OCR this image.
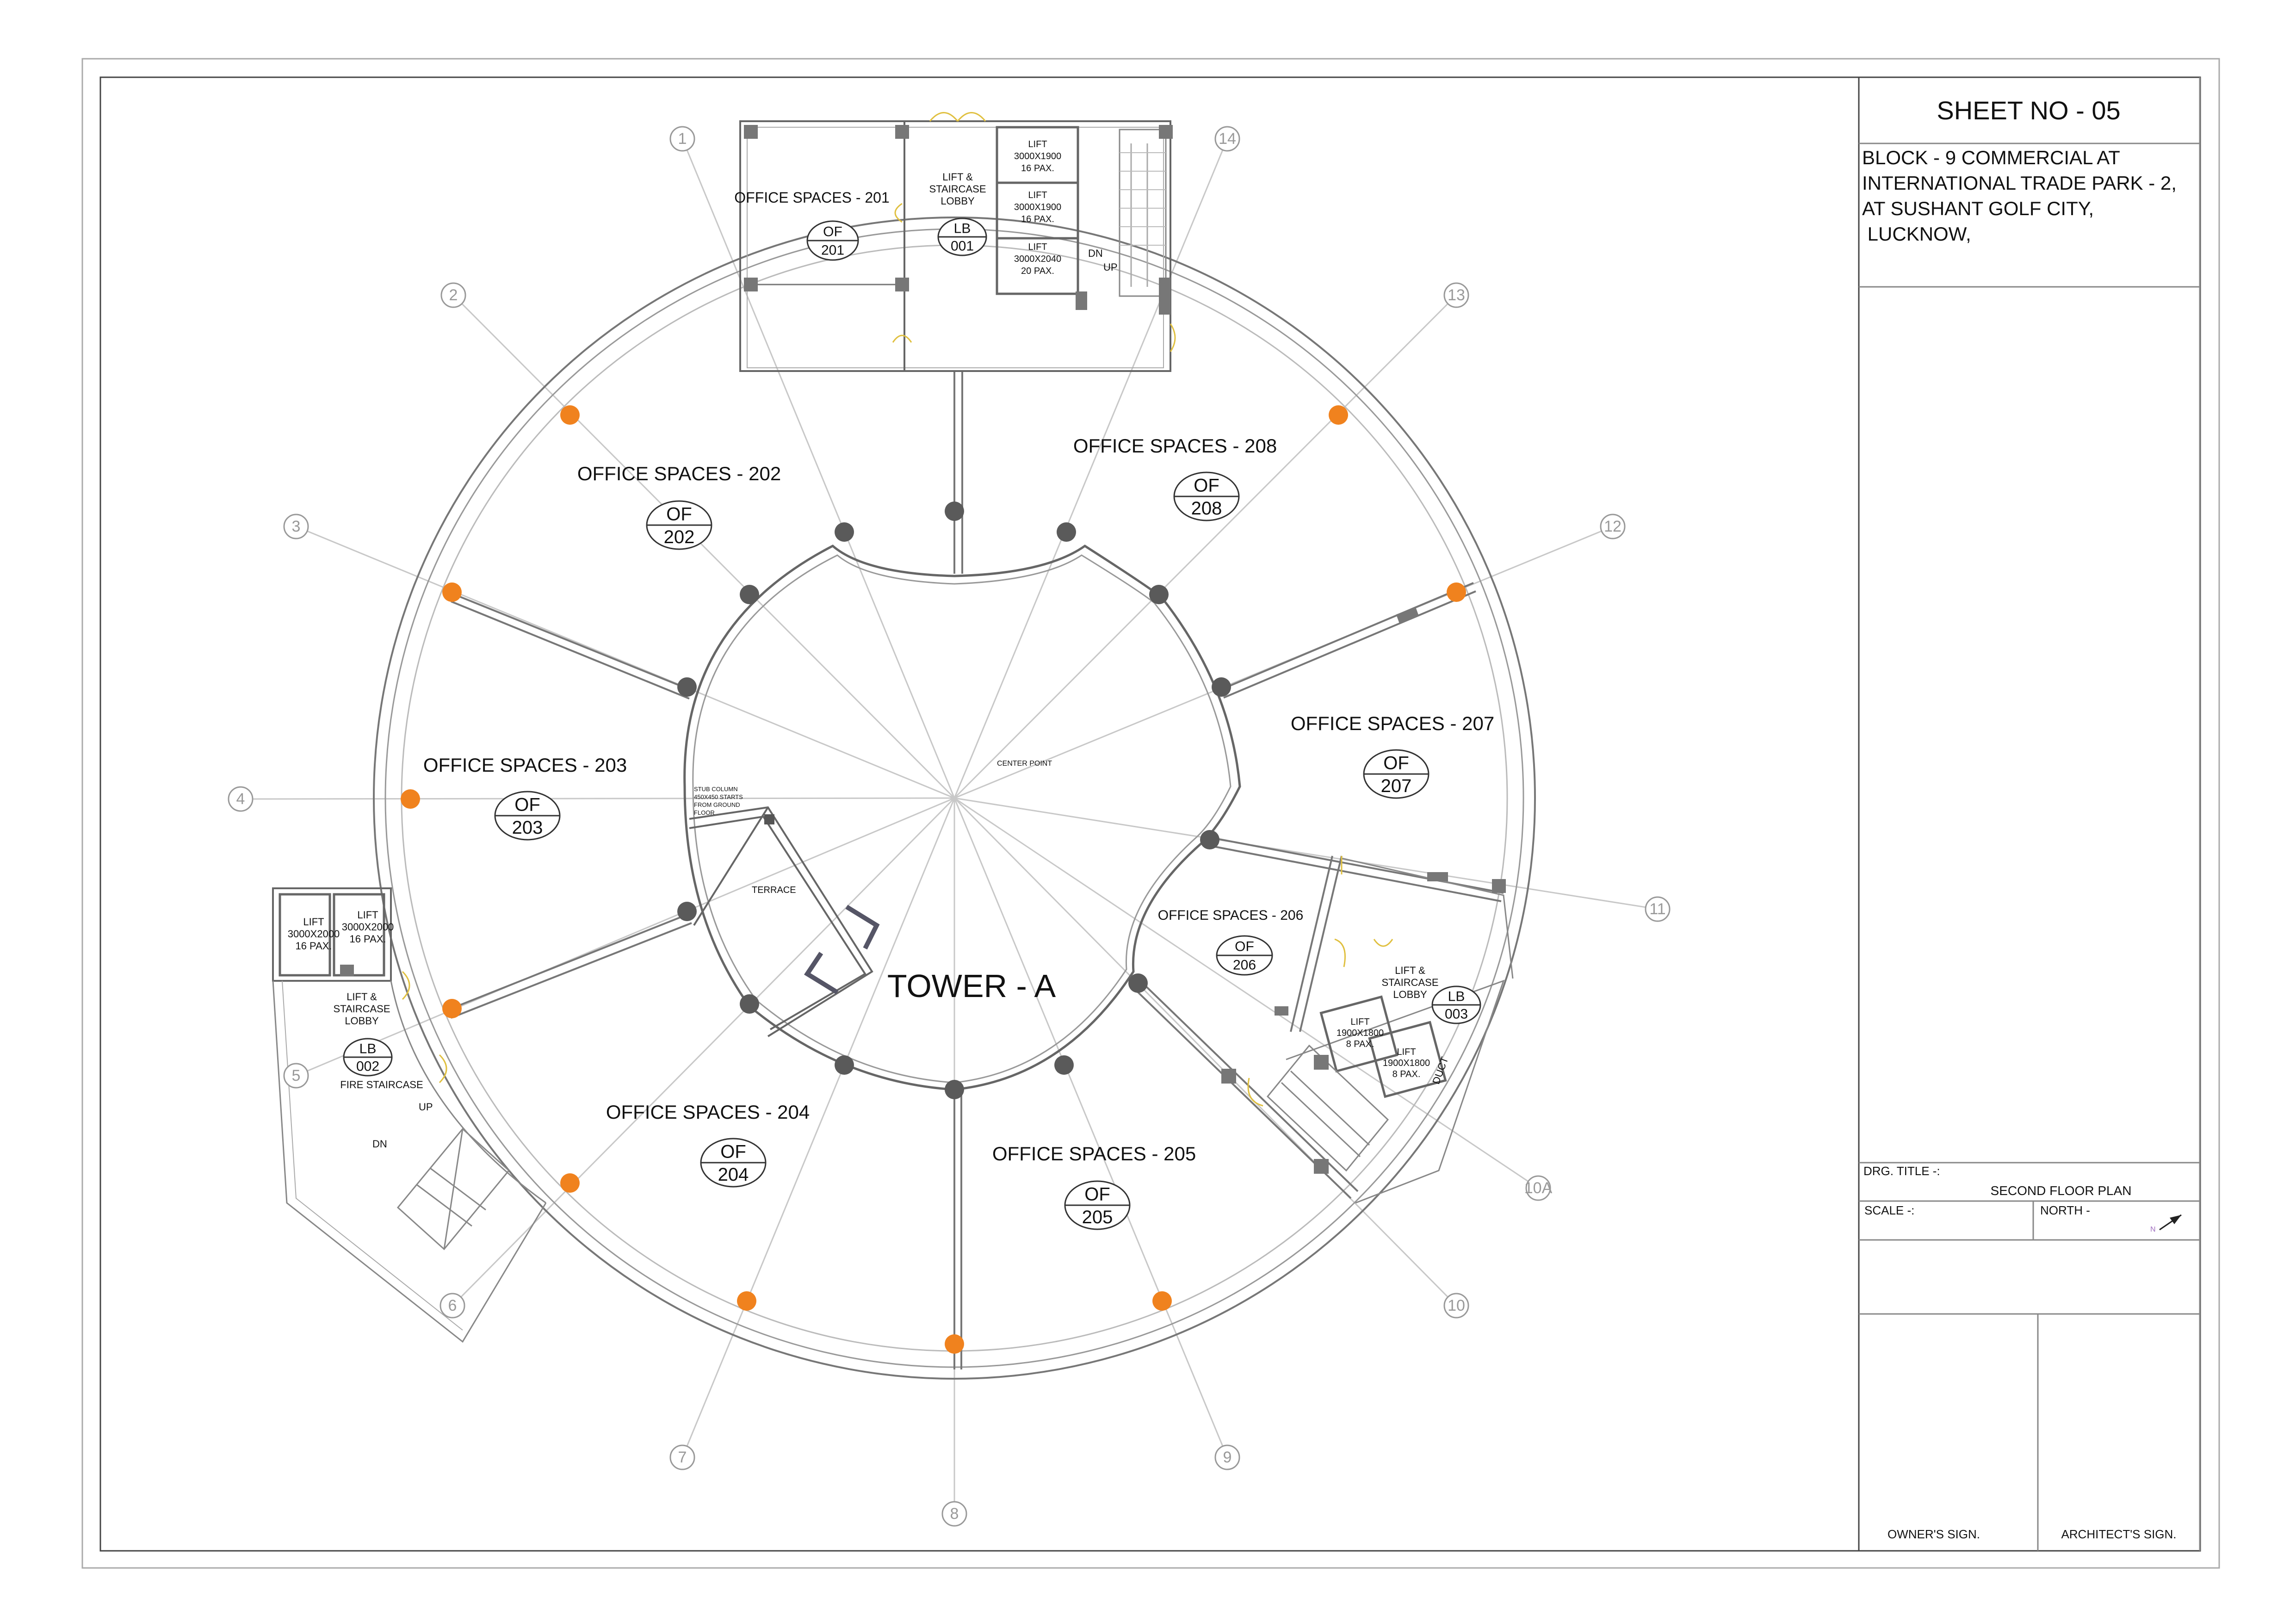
SHEET NO - 05
BLOCK - 9 COMMERCIAL AT
INTERNATIONAL TRADE PARK - 2,
AT SUSHANT GOLF CITY,
LUCKNOW,
DRG. TITLE -:
SECOND FLOOR PLAN
SCALE -:	NORTH -
N
OWNER'S SIGN.	ARCHITECT'S SIGN.
DN
UP
DN
UP
DUCT
OFFICE SPACES - 201
OF
201
OFFICE SPACES - 202
OF
202
OFFICE SPACES - 203
OF
203
OFFICE SPACES - 204
OF
204
OFFICE SPACES - 205
OF
205
OFFICE SPACES - 206
OF
206
OFFICE SPACES - 207
OF
207
OFFICE SPACES - 208
OF
208
LIFT &
STAIRCASE
LOBBY
LB
001
LIFT &
STAIRCASE
LOBBY
LB
002
LIFT &
STAIRCASE
LOBBY LB
003
LIFT
3000X1900
16 PAX.
LIFT
3000X1900
16 PAX.
LIFT
3000X2040
20 PAX.
LIFT
3000X2000
16 PAX.
LIFT
3000X2000
16 PAX.
LIFT
1900X1800
8 PAX.
LIFT
1900X1800
8 PAX.
1
2
3
4
5
6
7
8
9
10
10A
11
12
13
14
CENTER POINT
TERRACE
STUB COLUMN
450X450 STARTS
FROM GROUND
FLOOR
TOWER - A
FIRE STAIRCASE
